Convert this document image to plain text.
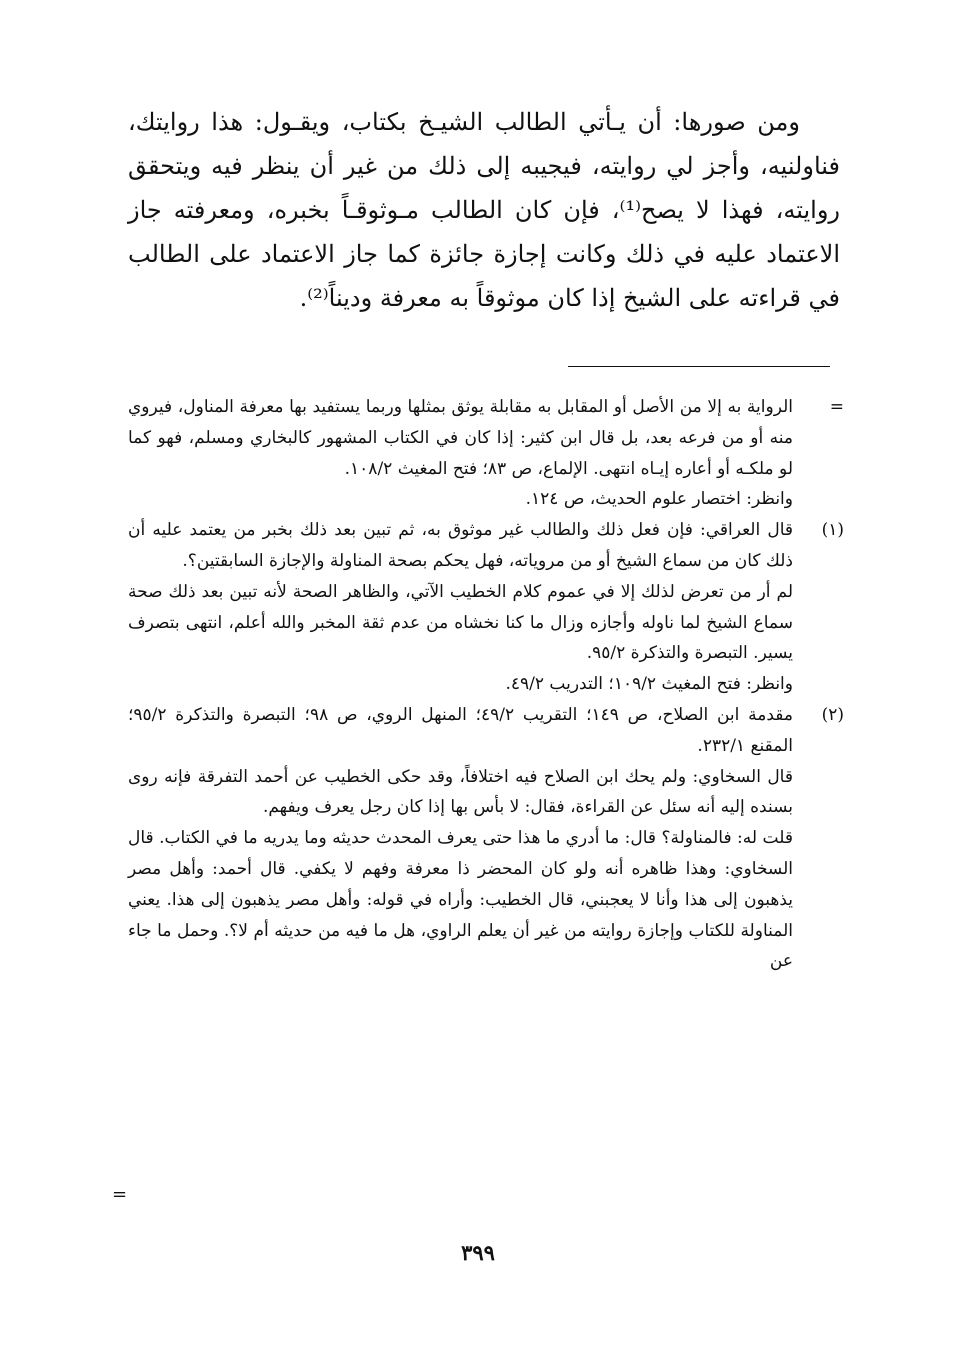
ومن صورها: أن يـأتي الطالب الشيـخ بكتاب، ويقـول: هذا روايتك، فناولنيه، وأجز لي روايته، فيجيبه إلى ذلك من غير أن ينظر فيه ويتحقق روايته، فهذا لا يصح⁽¹⁾، فإن كان الطالب مـوثوقـاً بخبره، ومعرفته جاز الاعتماد عليه في ذلك وكانت إجازة جائزة كما جاز الاعتماد على الطالب في قراءته على الشيخ إذا كان موثوقاً به معرفة وديناً⁽²⁾.

=

الرواية به إلا من الأصل أو المقابل به مقابلة يوثق بمثلها وربما يستفيد بها معرفة المناول، فيروي منه أو من فرعه بعد، بل قال ابن كثير: إذا كان في الكتاب المشهور كالبخاري ومسلم، فهو كما لو ملكـه أو أعاره إيـاه انتهى. الإلماع، ص ٨٣؛ فتح المغيث ١٠٨/٢.

وانظر: اختصار علوم الحديث، ص ١٢٤.

(١)

قال العراقي: فإن فعل ذلك والطالب غير موثوق به، ثم تبين بعد ذلك بخبر من يعتمد عليه أن ذلك كان من سماع الشيخ أو من مروياته، فهل يحكم بصحة المناولة والإجازة السابقتين؟.

لم أر من تعرض لذلك إلا في عموم كلام الخطيب الآتي، والظاهر الصحة لأنه تبين بعد ذلك صحة سماع الشيخ لما ناوله وأجازه وزال ما كنا نخشاه من عدم ثقة المخبر والله أعلم، انتهى بتصرف يسير. التبصرة والتذكرة ٩٥/٢.

وانظر: فتح المغيث ١٠٩/٢؛ التدريب ٤٩/٢.

(٢)

مقدمة ابن الصلاح، ص ١٤٩؛ التقريب ٤٩/٢؛ المنهل الروي، ص ٩٨؛ التبصرة والتذكرة ٩٥/٢؛ المقنع ٢٣٢/١.

قال السخاوي: ولم يحك ابن الصلاح فيه اختلافاً، وقد حكى الخطيب عن أحمد التفرقة فإنه روى بسنده إليه أنه سئل عن القراءة، فقال: لا بأس بها إذا كان رجل يعرف ويفهم.

قلت له: فالمناولة؟ قال: ما أدري ما هذا حتى يعرف المحدث حديثه وما يدريه ما في الكتاب. قال السخاوي: وهذا ظاهره أنه ولو كان المحضر ذا معرفة وفهم لا يكفي. قال أحمد: وأهل مصر يذهبون إلى هذا وأنا لا يعجبني، قال الخطيب: وأراه في قوله: وأهل مصر يذهبون إلى هذا. يعني المناولة للكتاب وإجازة روايته من غير أن يعلم الراوي، هل ما فيه من حديثه أم لا؟. وحمل ما جاء عن

=
٣٩٩
